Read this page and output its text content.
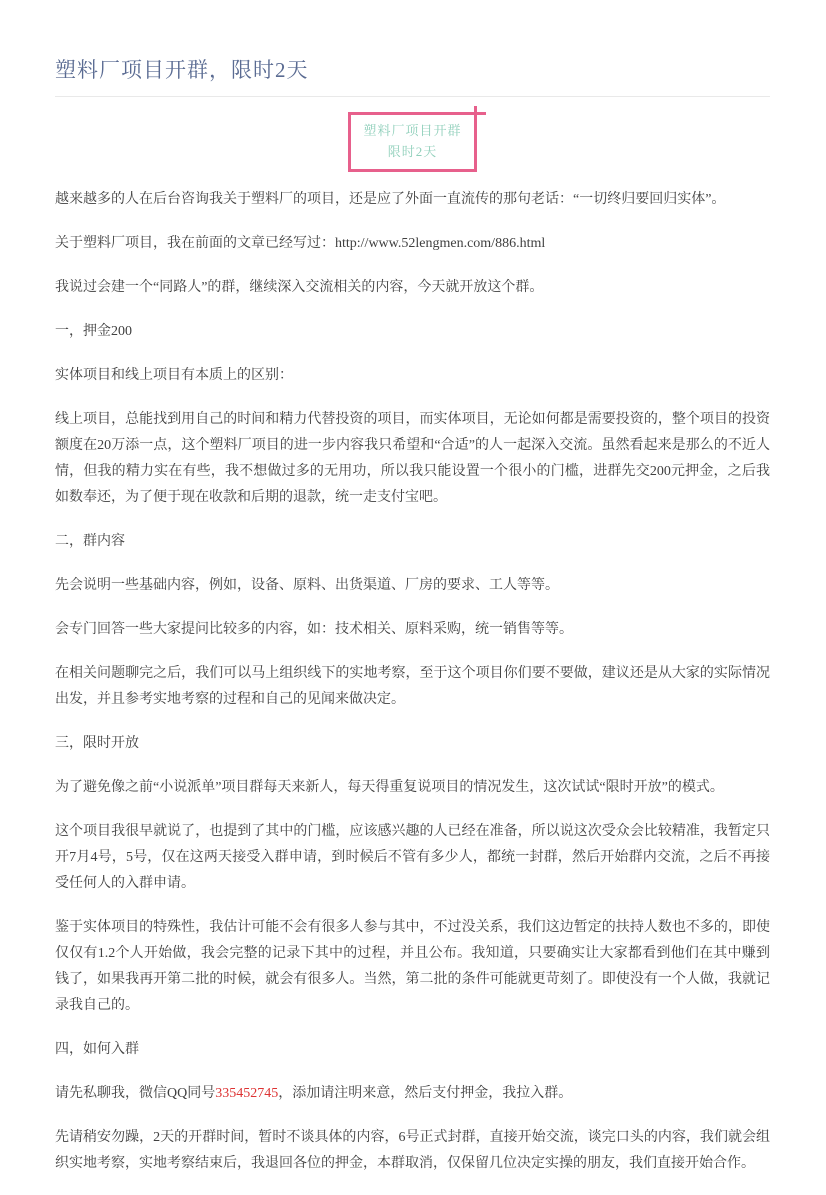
塑料厂项目开群，限时2天
塑料厂项目开群
限时2天

越来越多的人在后台咨询我关于塑料厂的项目，还是应了外面一直流传的那句老话：“一切终归要回归实体”。

关于塑料厂项目，我在前面的文章已经写过：http://www.52lengmen.com/886.html

我说过会建一个“同路人”的群，继续深入交流相关的内容，今天就开放这个群。

一，押金200

实体项目和线上项目有本质上的区别：

线上项目，总能找到用自己的时间和精力代替投资的项目，而实体项目，无论如何都是需要投资的，整个项目的投资额度在20万添一点，这个塑料厂项目的进一步内容我只希望和“合适”的人一起深入交流。虽然看起来是那么的不近人情，但我的精力实在有些，我不想做过多的无用功，所以我只能设置一个很小的门槛，进群先交200元押金，之后我如数奉还，为了便于现在收款和后期的退款，统一走支付宝吧。

二，群内容

先会说明一些基础内容，例如，设备、原料、出货渠道、厂房的要求、工人等等。

会专门回答一些大家提问比较多的内容，如：技术相关、原料采购，统一销售等等。

在相关问题聊完之后，我们可以马上组织线下的实地考察，至于这个项目你们要不要做，建议还是从大家的实际情况出发，并且参考实地考察的过程和自己的见闻来做决定。

三，限时开放

为了避免像之前“小说派单”项目群每天来新人，每天得重复说项目的情况发生，这次试试“限时开放”的模式。

这个项目我很早就说了，也提到了其中的门槛，应该感兴趣的人已经在准备，所以说这次受众会比较精准，我暂定只开7月4号，5号，仅在这两天接受入群申请，到时候后不管有多少人，都统一封群，然后开始群内交流，之后不再接受任何人的入群申请。

鉴于实体项目的特殊性，我估计可能不会有很多人参与其中，不过没关系，我们这边暂定的扶持人数也不多的，即使仅仅有1.2个人开始做，我会完整的记录下其中的过程，并且公布。我知道，只要确实让大家都看到他们在其中赚到钱了，如果我再开第二批的时候，就会有很多人。当然，第二批的条件可能就更苛刻了。即使没有一个人做，我就记录我自己的。

四，如何入群

请先私聊我，微信QQ同号335452745，添加请注明来意，然后支付押金，我拉入群。

先请稍安勿躁，2天的开群时间，暂时不谈具体的内容，6号正式封群，直接开始交流，谈完口头的内容，我们就会组织实地考察，实地考察结束后，我退回各位的押金，本群取消，仅保留几位决定实操的朋友，我们直接开始合作。
